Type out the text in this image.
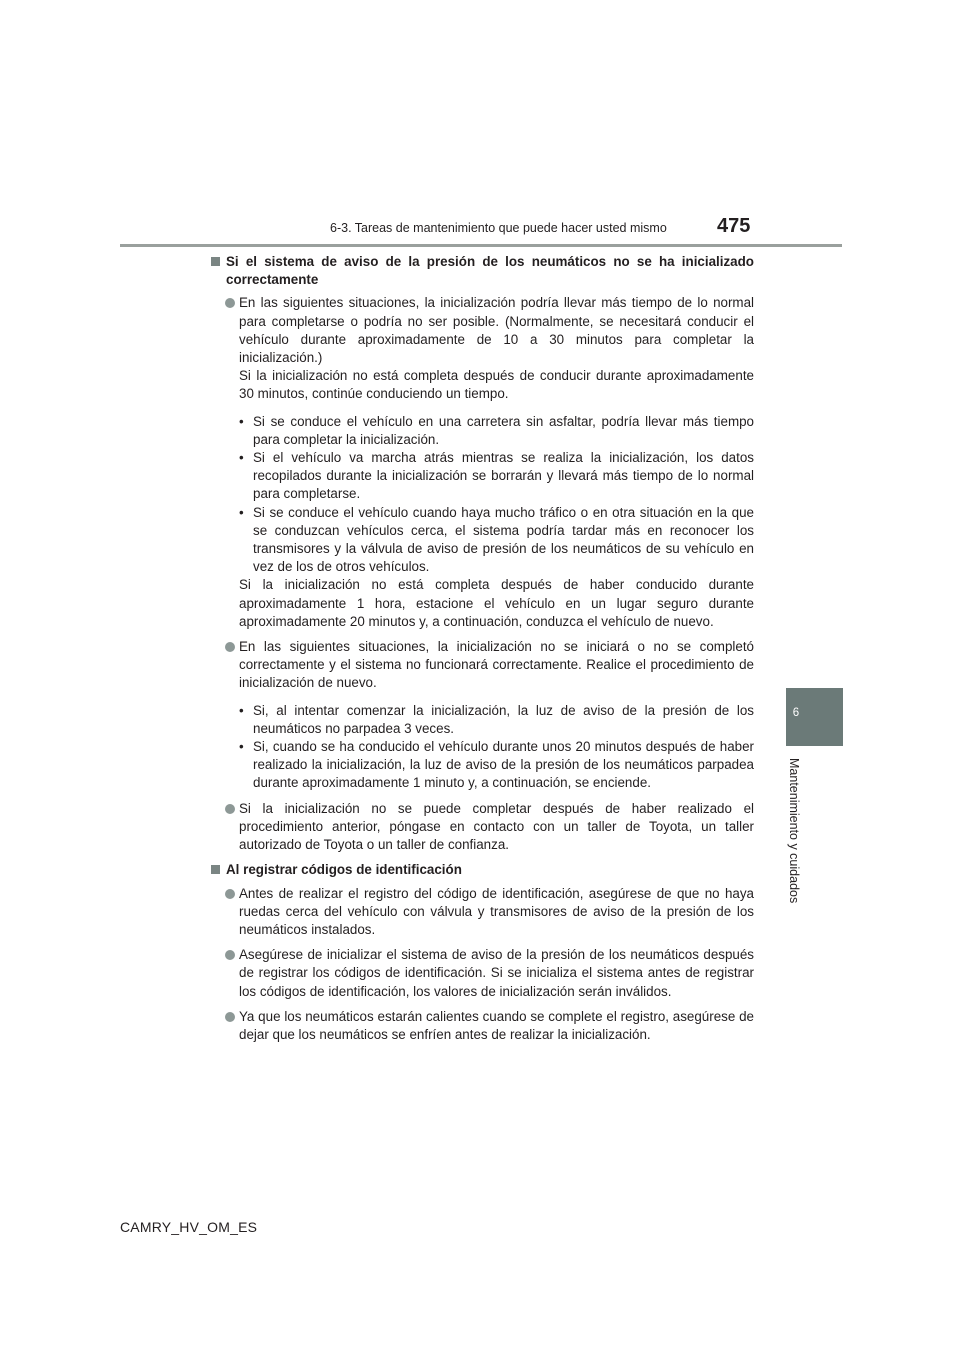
6-3. Tareas de mantenimiento que puede hacer usted mismo	475
6
Mantenimiento y cuidados
Si el sistema de aviso de la presión de los neumáticos no se ha inicializado correctamente
En las siguientes situaciones, la inicialización podría llevar más tiempo de lo normal para completarse o podría no ser posible. (Normalmente, se necesitará conducir el vehículo durante aproximadamente de 10 a 30 minutos para completar la inicialización.)
Si la inicialización no está completa después de conducir durante aproximadamente 30 minutos, continúe conduciendo un tiempo.
• Si se conduce el vehículo en una carretera sin asfaltar, podría llevar más tiempo para completar la inicialización.
• Si el vehículo va marcha atrás mientras se realiza la inicialización, los datos recopilados durante la inicialización se borrarán y llevará más tiempo de lo normal para completarse.
• Si se conduce el vehículo cuando haya mucho tráfico o en otra situación en la que se conduzcan vehículos cerca, el sistema podría tardar más en reconocer los transmisores y la válvula de aviso de presión de los neumáticos de su vehículo en vez de los de otros vehículos.
Si la inicialización no está completa después de haber conducido durante aproximadamente 1 hora, estacione el vehículo en un lugar seguro durante aproximadamente 20 minutos y, a continuación, conduzca el vehículo de nuevo.
En las siguientes situaciones, la inicialización no se iniciará o no se completó correctamente y el sistema no funcionará correctamente. Realice el procedimiento de inicialización de nuevo.
• Si, al intentar comenzar la inicialización, la luz de aviso de la presión de los neumáticos no parpadea 3 veces.
• Si, cuando se ha conducido el vehículo durante unos 20 minutos después de haber realizado la inicialización, la luz de aviso de la presión de los neumáticos parpadea durante aproximadamente 1 minuto y, a continuación, se enciende.
Si la inicialización no se puede completar después de haber realizado el procedimiento anterior, póngase en contacto con un taller de Toyota, un taller autorizado de Toyota o un taller de confianza.
Al registrar códigos de identificación
Antes de realizar el registro del código de identificación, asegúrese de que no haya ruedas cerca del vehículo con válvula y transmisores de aviso de la presión de los neumáticos instalados.
Asegúrese de inicializar el sistema de aviso de la presión de los neumáticos después de registrar los códigos de identificación. Si se inicializa el sistema antes de registrar los códigos de identificación, los valores de inicialización serán inválidos.
Ya que los neumáticos estarán calientes cuando se complete el registro, asegúrese de dejar que los neumáticos se enfríen antes de realizar la inicialización.
CAMRY_HV_OM_ES
